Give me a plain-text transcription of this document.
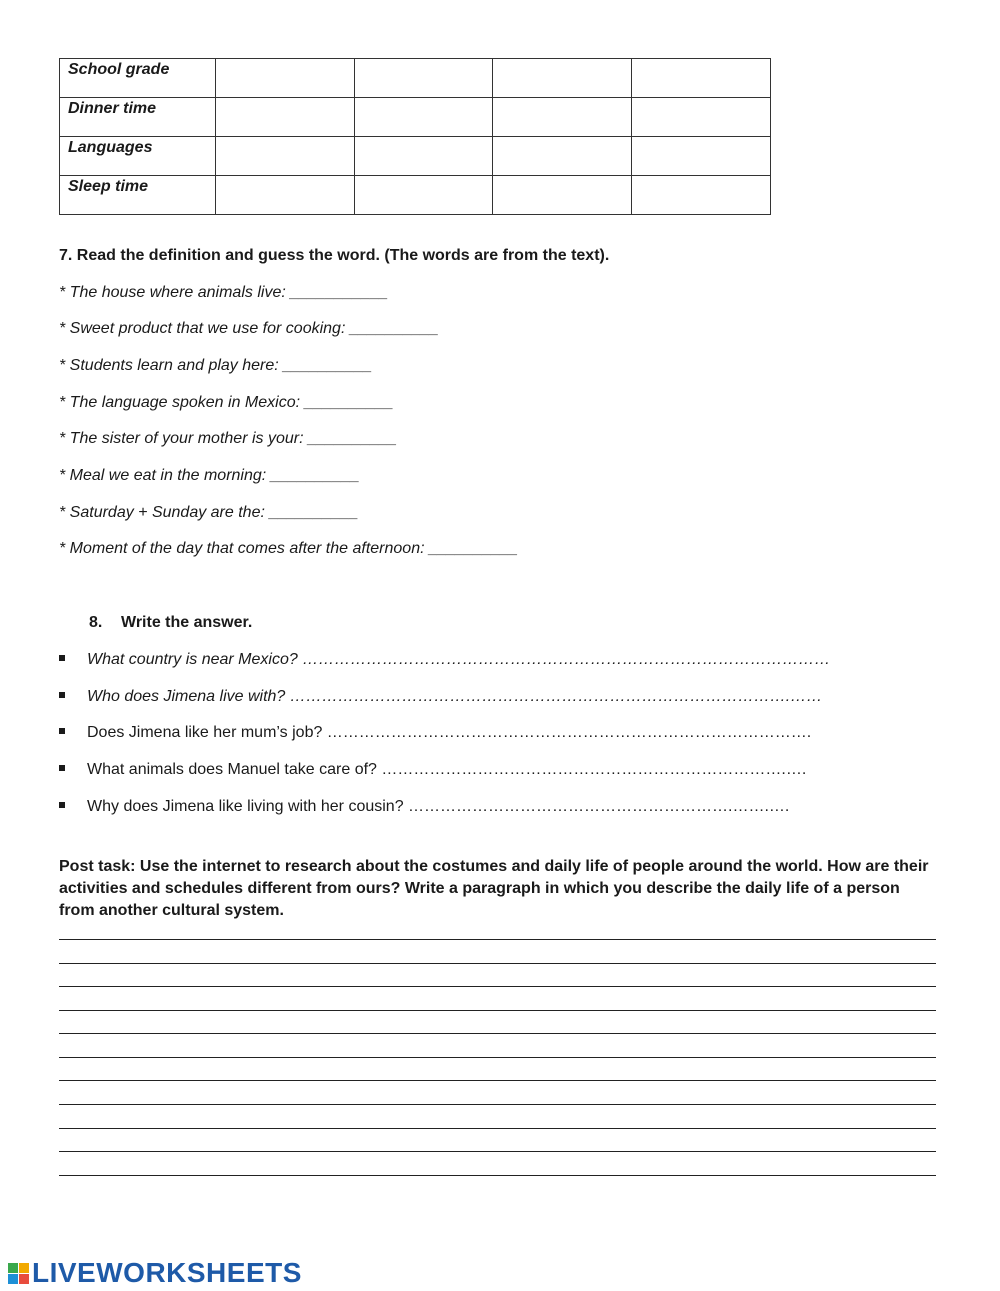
School grade				
Dinner time				
Languages				
Sleep time				
7. Read the definition and guess the word. (The words are from the text).
* The house where animals live: ___________
* Sweet product that we use for cooking: __________
* Students learn and play here: __________
* The language spoken in Mexico: __________
* The sister of your mother is your: __________
* Meal we eat in the morning: __________
* Saturday + Sunday are the: __________
* Moment of the day that comes after the afternoon: __________
8. Write the answer.
What country is near Mexico? ………………………………………………………………………………………
Who does Jimena live with? ………………………………………………………………………………….……
Does Jimena like her mum’s job? ……………………………………………………………………………….
What animals does Manuel take care of? ………………………………………………………………….….
Why does Jimena like living with her cousin? …………………………………………………….…….….
Post task: Use the internet to research about the costumes and daily life of people around the world. How are their activities and schedules different from ours? Write a paragraph in which you describe the daily life of a person from another cultural system.
LIVEWORKSHEETS
